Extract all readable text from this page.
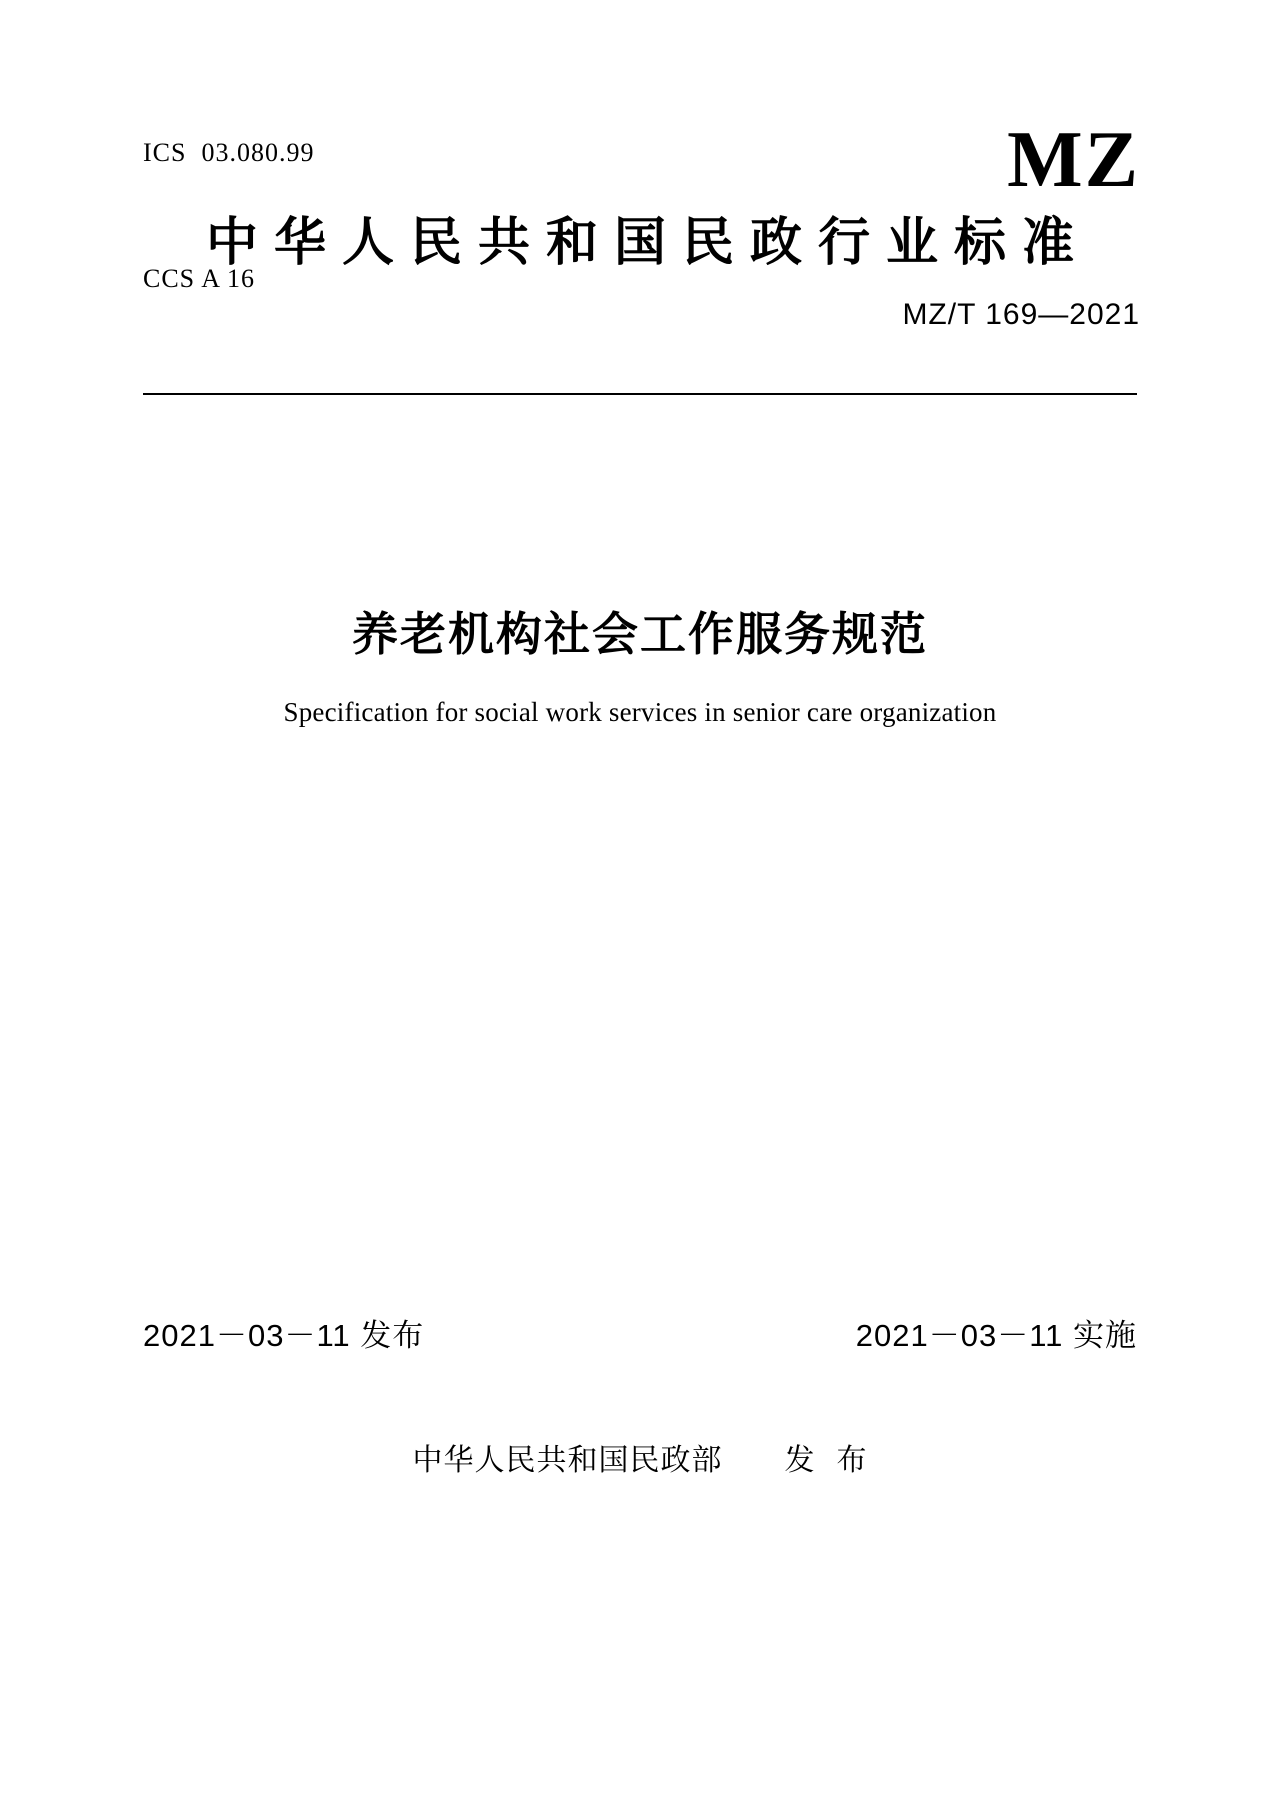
ICS  03.080.99

CCS A 16

MZ
中华人民共和国民政行业标准
MZ/T 169—2021
养老机构社会工作服务规范
Specification for social work services in senior care organization
2021－03－11 发布	2021－03－11 实施
中华人民共和国民政部　　发  布
